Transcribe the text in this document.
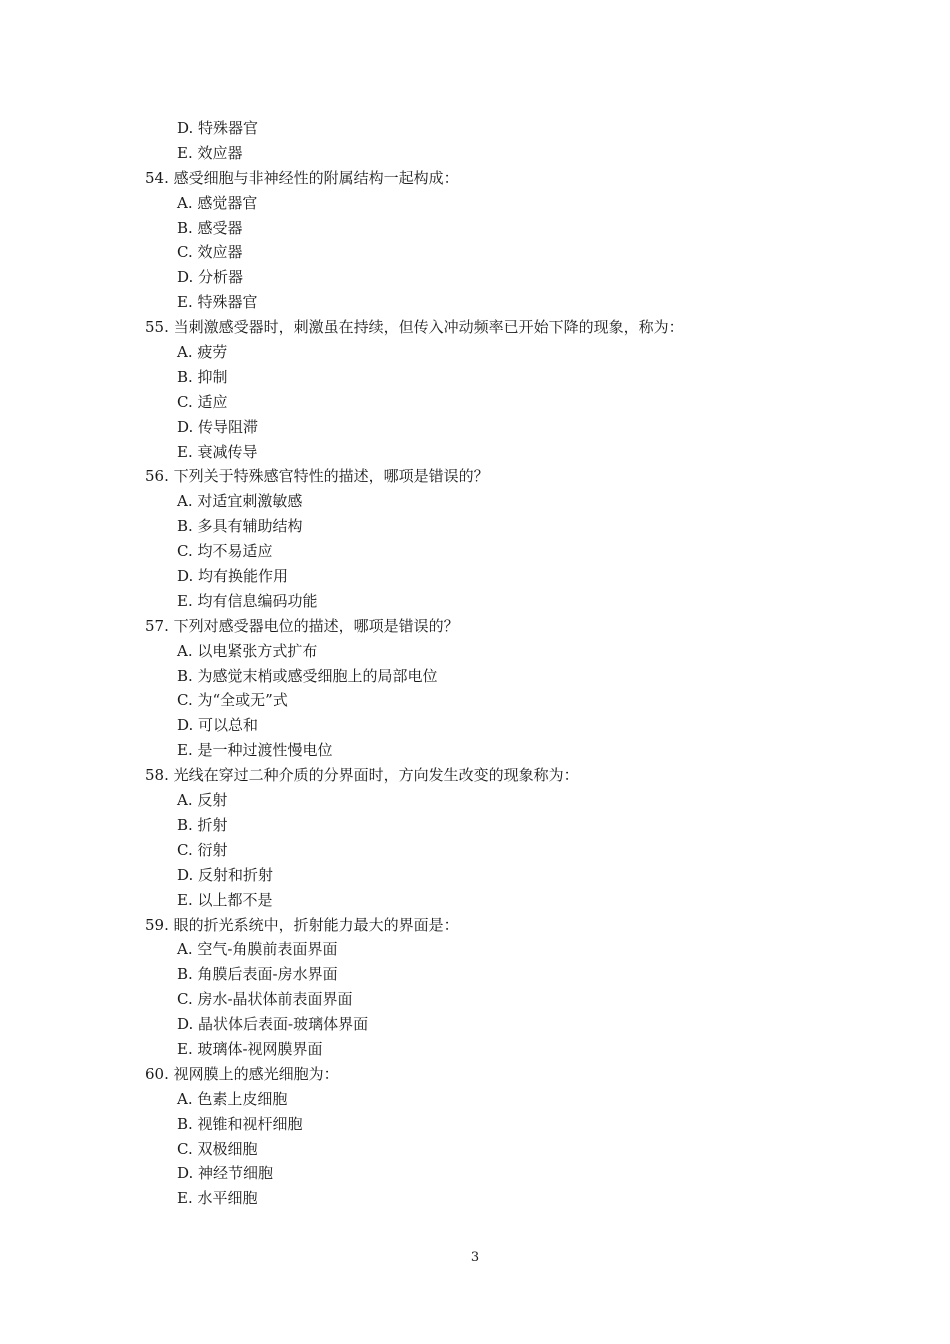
D. 特殊器官
E. 效应器
54. 感受细胞与非神经性的附属结构一起构成：
A. 感觉器官
B. 感受器
C. 效应器
D. 分析器
E. 特殊器官
55. 当刺激感受器时，刺激虽在持续，但传入冲动频率已开始下降的现象，称为：
A. 疲劳
B. 抑制
C. 适应
D. 传导阻滞
E. 衰减传导
56. 下列关于特殊感官特性的描述，哪项是错误的？
A. 对适宜刺激敏感
B. 多具有辅助结构
C. 均不易适应
D. 均有换能作用
E. 均有信息编码功能
57. 下列对感受器电位的描述，哪项是错误的？
A. 以电紧张方式扩布
B. 为感觉末梢或感受细胞上的局部电位
C. 为“全或无”式
D. 可以总和
E. 是一种过渡性慢电位
58. 光线在穿过二种介质的分界面时，方向发生改变的现象称为：
A. 反射
B. 折射
C. 衍射
D. 反射和折射
E. 以上都不是
59. 眼的折光系统中，折射能力最大的界面是：
A. 空气-角膜前表面界面
B. 角膜后表面-房水界面
C. 房水-晶状体前表面界面
D. 晶状体后表面-玻璃体界面
E. 玻璃体-视网膜界面
60. 视网膜上的感光细胞为：
A. 色素上皮细胞
B. 视锥和视杆细胞
C. 双极细胞
D. 神经节细胞
E. 水平细胞
3
